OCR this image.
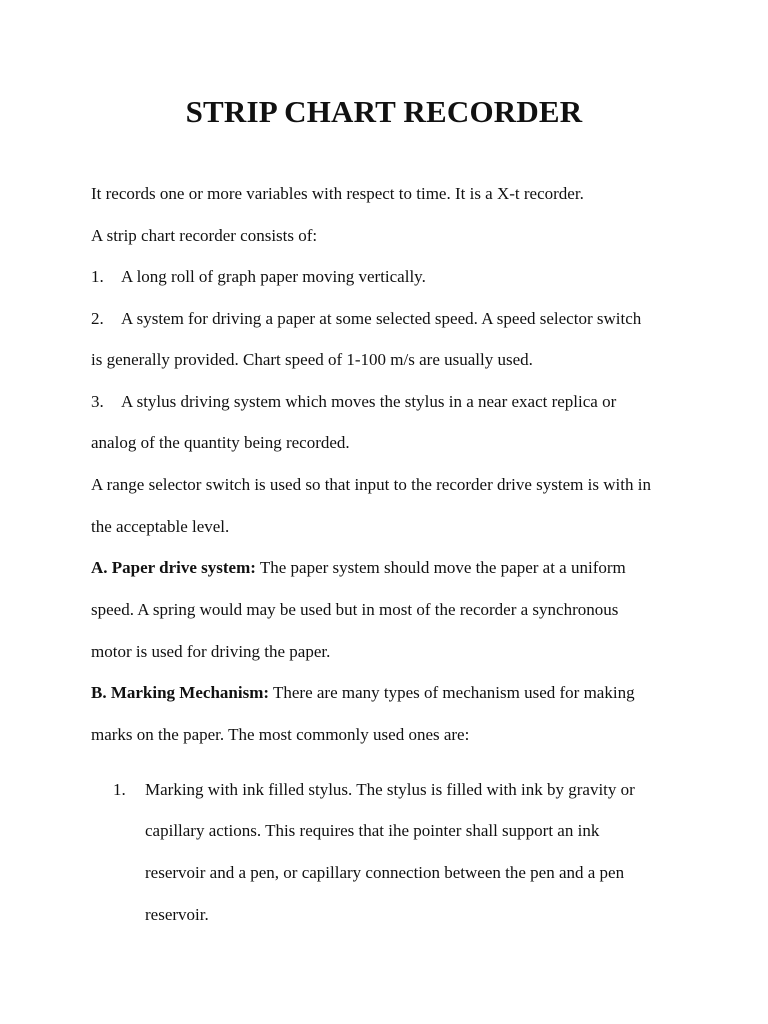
STRIP CHART RECORDER
It records one or more variables with respect to time. It is a X-t recorder.
A strip chart recorder consists of:
1. A long roll of graph paper moving vertically.
2. A system for driving a paper at some selected speed. A speed selector switch
is generally provided. Chart speed of 1-100 m/s are usually used.
3. A stylus driving system which moves the stylus in a near exact replica or
analog of the quantity being recorded.
A range selector switch is used so that input to the recorder drive system is with in
the acceptable level.
A. Paper drive system: The paper system should move the paper at a uniform
speed. A spring would may be used but in most of the recorder a synchronous
motor is used for driving the paper.
B. Marking Mechanism: There are many types of mechanism used for making
marks on the paper. The most commonly used ones are:
1. Marking with ink filled stylus. The stylus is filled with ink by gravity or
capillary actions. This requires that ihe pointer shall support an ink
reservoir and a pen, or capillary connection between the pen and a pen
reservoir.
